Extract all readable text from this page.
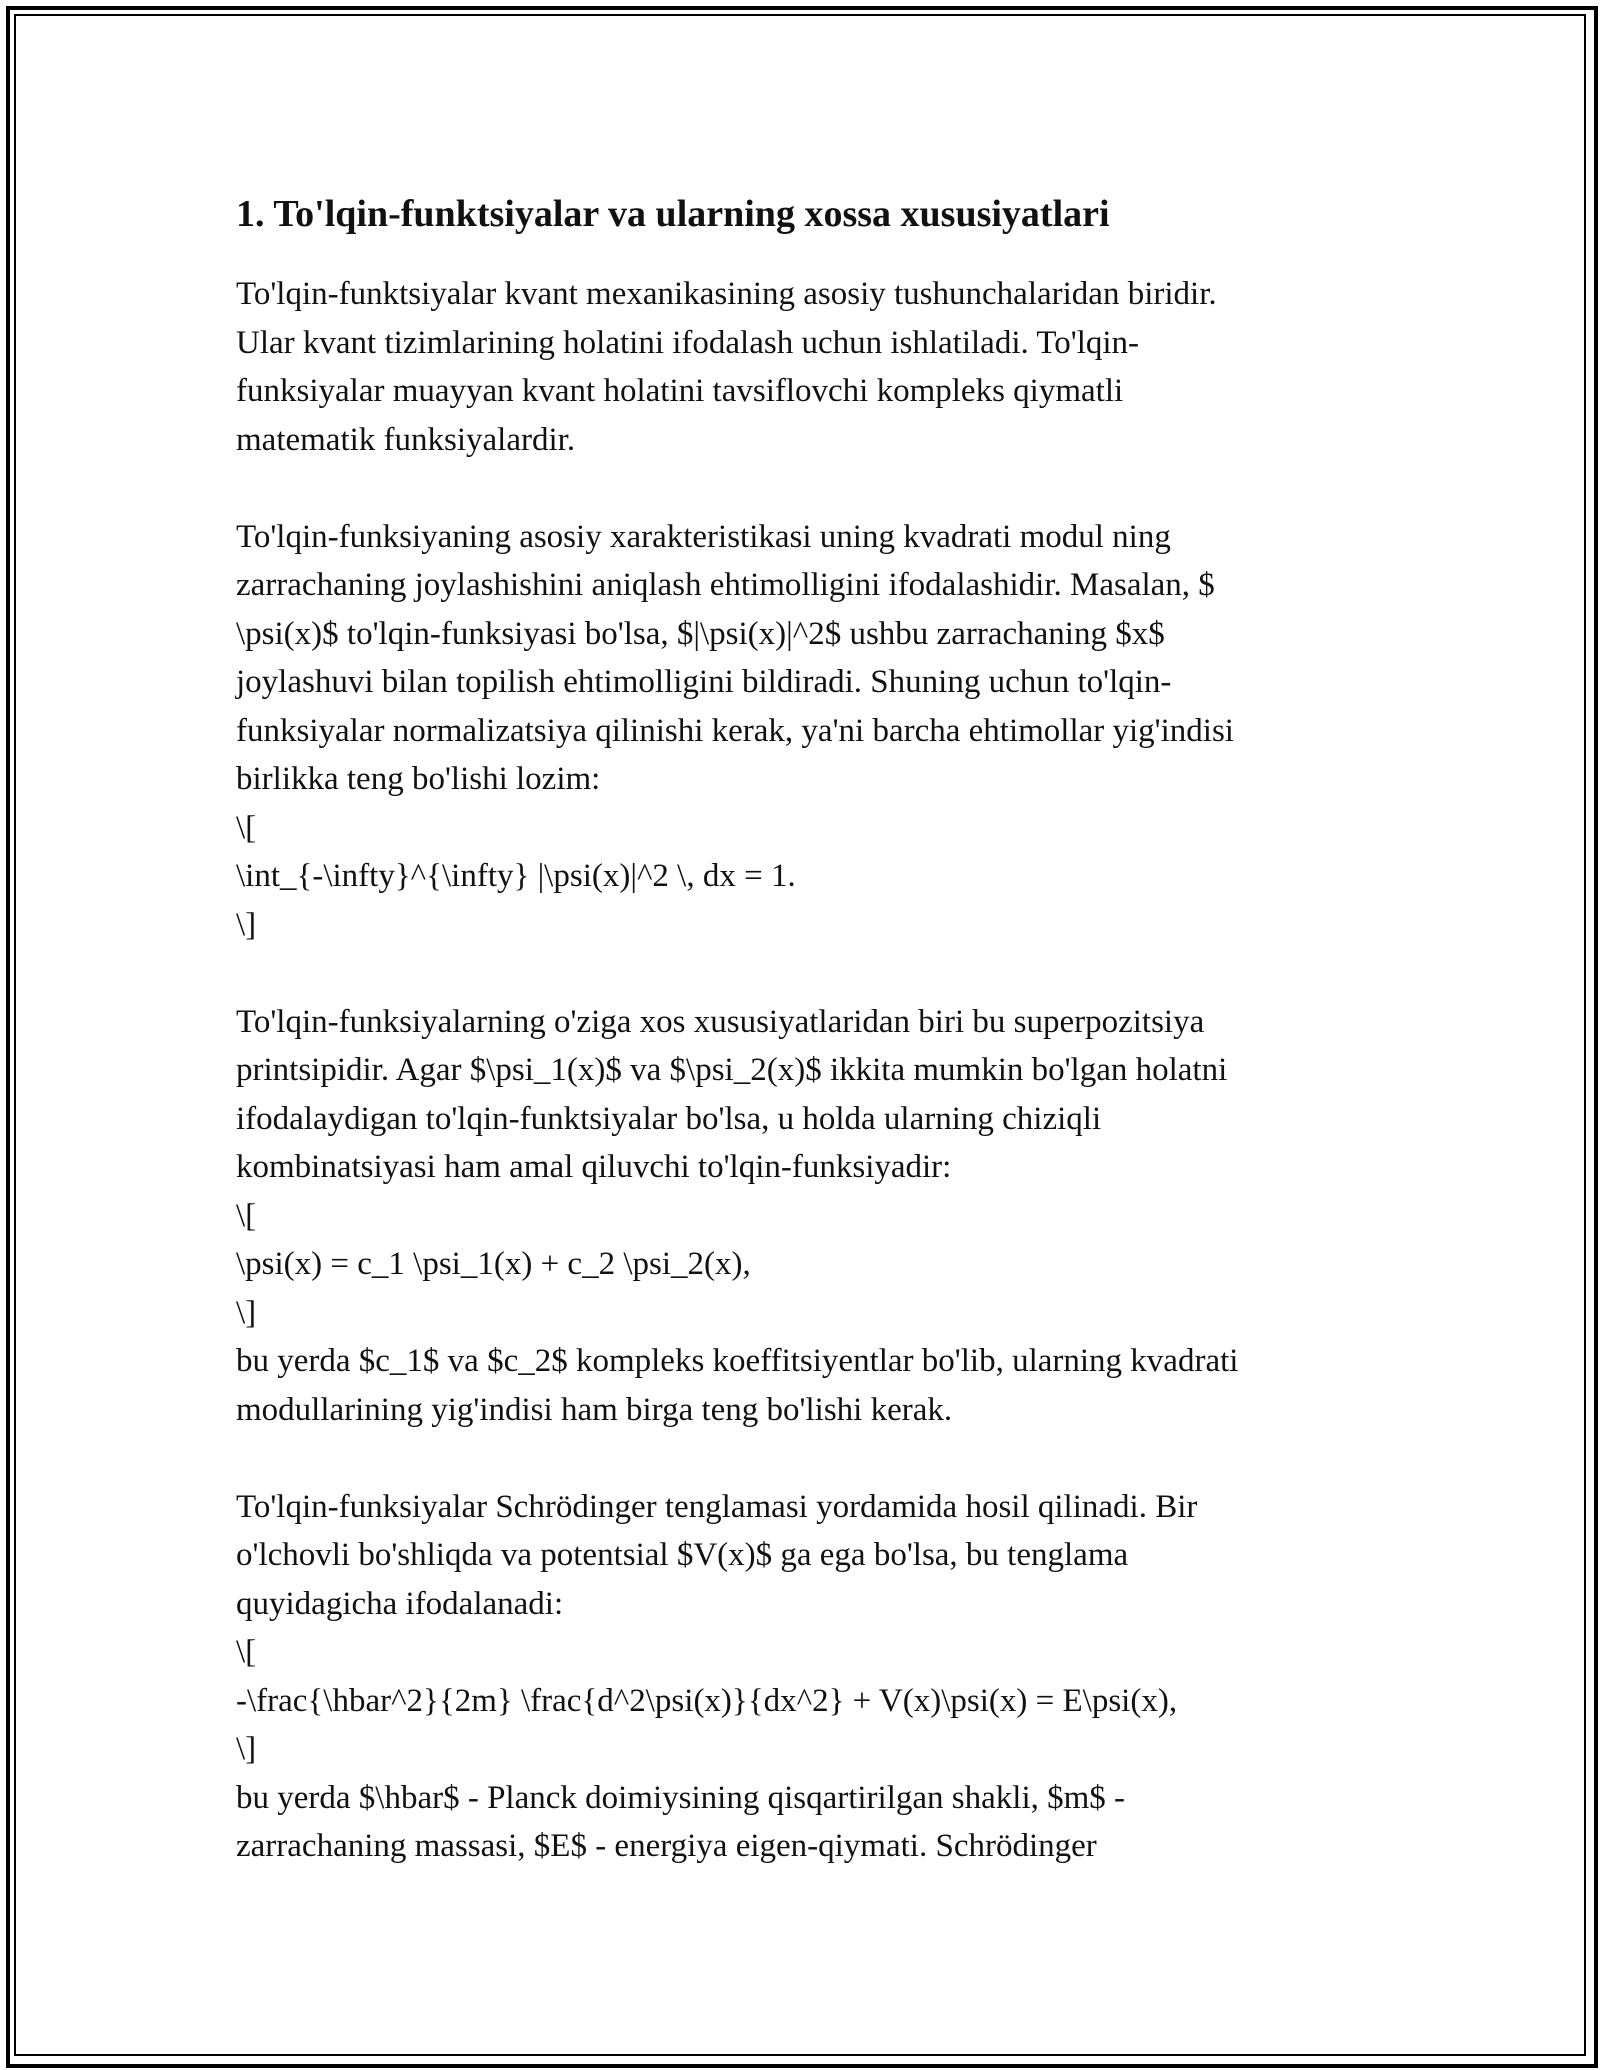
1. To'lqin-funktsiyalar va ularning xossa xususiyatlari
To'lqin-funktsiyalar kvant mexanikasining asosiy tushunchalaridan biridir.
Ular kvant tizimlarining holatini ifodalash uchun ishlatiladi. To'lqin-
funksiyalar muayyan kvant holatini tavsiflovchi kompleks qiymatli
matematik funksiyalardir.
To'lqin-funksiyaning asosiy xarakteristikasi uning kvadrati modul ning
zarrachaning joylashishini aniqlash ehtimolligini ifodalashidir. Masalan, $
\psi(x)$ to'lqin-funksiyasi bo'lsa, $|\psi(x)|^2$ ushbu zarrachaning $x$
joylashuvi bilan topilish ehtimolligini bildiradi. Shuning uchun to'lqin-
funksiyalar normalizatsiya qilinishi kerak, ya'ni barcha ehtimollar yig'indisi
birlikka teng bo'lishi lozim:
\[
\int_{-\infty}^{\infty} |\psi(x)|^2 \, dx = 1.
\]
To'lqin-funksiyalarning o'ziga xos xususiyatlaridan biri bu superpozitsiya
printsipidir. Agar $\psi_1(x)$ va $\psi_2(x)$ ikkita mumkin bo'lgan holatni
ifodalaydigan to'lqin-funktsiyalar bo'lsa, u holda ularning chiziqli
kombinatsiyasi ham amal qiluvchi to'lqin-funksiyadir:
\[
\psi(x) = c_1 \psi_1(x) + c_2 \psi_2(x),
\]
bu yerda $c_1$ va $c_2$ kompleks koeffitsiyentlar bo'lib, ularning kvadrati
modullarining yig'indisi ham birga teng bo'lishi kerak.
To'lqin-funksiyalar Schrödinger tenglamasi yordamida hosil qilinadi. Bir
o'lchovli bo'shliqda va potentsial $V(x)$ ga ega bo'lsa, bu tenglama
quyidagicha ifodalanadi:
\[
-\frac{\hbar^2}{2m} \frac{d^2\psi(x)}{dx^2} + V(x)\psi(x) = E\psi(x),
\]
bu yerda $\hbar$ - Planck doimiysining qisqartirilgan shakli, $m$ -
zarrachaning massasi, $E$ - energiya eigen-qiymati. Schrödinger
